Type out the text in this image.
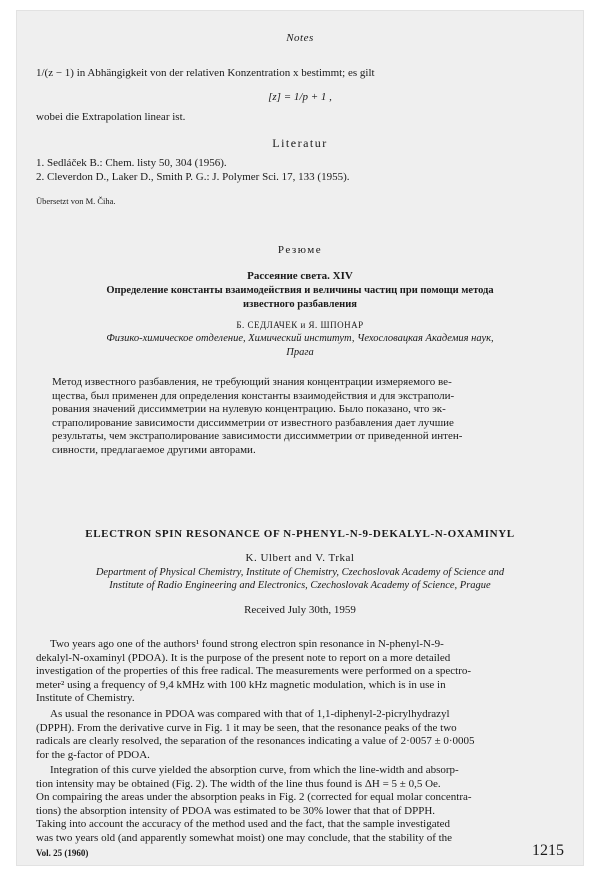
Notes
1/(z − 1) in Abhängigkeit von der relativen Konzentration x bestimmt; es gilt
[z] = 1/p + 1 ,
wobei die Extrapolation linear ist.
Literatur
1. Sedláček B.: Chem. listy 50, 304 (1956).
2. Cleverdon D., Laker D., Smith P. G.: J. Polymer Sci. 17, 133 (1955).
Übersetzt von M. Čiha.
Резюме
Рассеяние света. XIV
Определение константы взаимодействия и величины частиц при помощи метода
известного разбавления
Б. СЕДЛАЧЕК и Я. ШПОНАР
Физико-химическое отделение, Химический институт, Чехословацкая Академия наук,
Прага
Метод известного разбавления, не требующий знания концентрации измеряемого ве-
щества, был применен для определения константы взаимодействия и для экстраполи-
рования значений диссимметрии на нулевую концентрацию. Было показано, что эк-
страполирование зависимости диссимметрии от известного разбавления дает лучшие
результаты, чем экстраполирование зависимости диссимметрии от приведенной интен-
сивности, предлагаемое другими авторами.
ELECTRON SPIN RESONANCE OF N-PHENYL-N-9-DEKALYL-N-OXAMINYL
K. Ulbert and V. Trkal
Department of Physical Chemistry, Institute of Chemistry, Czechoslovak Academy of Science and
Institute of Radio Engineering and Electronics, Czechoslovak Academy of Science, Prague
Received July 30th, 1959
Two years ago one of the authors¹ found strong electron spin resonance in N-phenyl-N-9-
dekalyl-N-oxaminyl (PDOA). It is the purpose of the present note to report on a more detailed
investigation of the properties of this free radical. The measurements were performed on a spectro-
meter² using a frequency of 9,4 kMHz with 100 kHz magnetic modulation, which is in use in
Institute of Chemistry.
As usual the resonance in PDOA was compared with that of 1,1-diphenyl-2-picrylhydrazyl
(DPPH). From the derivative curve in Fig. 1 it may be seen, that the resonance peaks of the two
radicals are clearly resolved, the separation of the resonances indicating a value of 2·0057 ± 0·0005
for the g-factor of PDOA.
Integration of this curve yielded the absorption curve, from which the line-width and absorp-
tion intensity may be obtained (Fig. 2). The width of the line thus found is ΔH = 5 ± 0,5 Oe.
On compairing the areas under the absorption peaks in Fig. 2 (corrected for equal molar concentra-
tions) the absorption intensity of PDOA was estimated to be 30% lower that that of DPPH.
Taking into account the accuracy of the method used and the fact, that the sample investigated
was two years old (and apparently somewhat moist) one may conclude, that the stability of the
Vol. 25 (1960)	1215
